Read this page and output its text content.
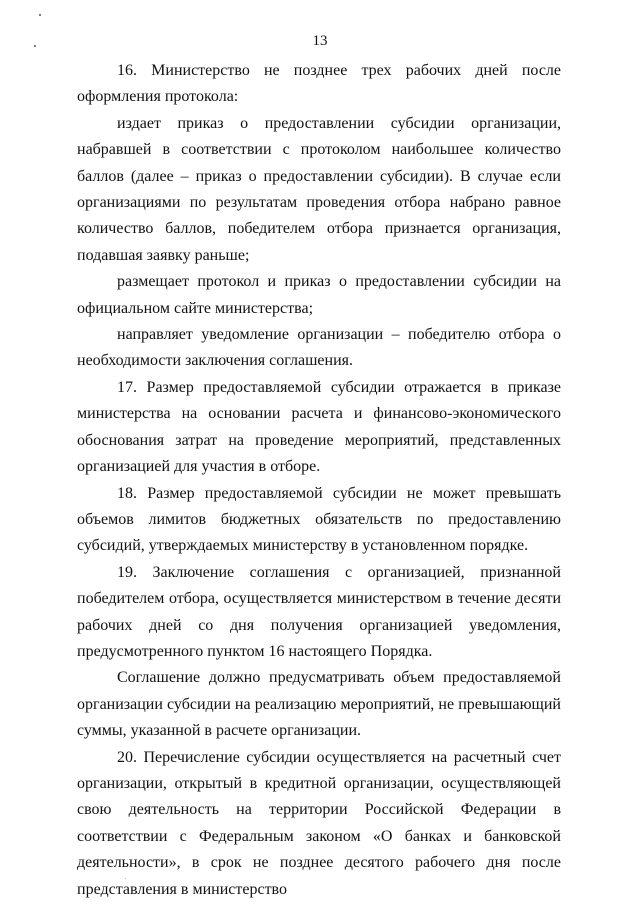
13

16. Министерство не позднее трех рабочих дней после оформления протокола:

издает приказ о предоставлении субсидии организации, набравшей в соответствии с протоколом наибольшее количество баллов (далее – приказ о предоставлении субсидии). В случае если организациями по результатам проведения отбора набрано равное количество баллов, победителем отбора признается организация, подавшая заявку раньше;

размещает протокол и приказ о предоставлении субсидии на официальном сайте министерства;

направляет уведомление организации – победителю отбора о необходимости заключения соглашения.

17. Размер предоставляемой субсидии отражается в приказе министерства на основании расчета и финансово-экономического обоснования затрат на проведение мероприятий, представленных организацией для участия в отборе.

18. Размер предоставляемой субсидии не может превышать объемов лимитов бюджетных обязательств по предоставлению субсидий, утверждаемых министерству в установленном порядке.

19. Заключение соглашения с организацией, признанной победителем отбора, осуществляется министерством в течение десяти рабочих дней со дня получения организацией уведомления, предусмотренного пунктом 16 настоящего Порядка.

Соглашение должно предусматривать объем предоставляемой организации субсидии на реализацию мероприятий, не превышающий суммы, указанной в расчете организации.

20. Перечисление субсидии осуществляется на расчетный счет организации, открытый в кредитной организации, осуществляющей свою деятельность на территории Российской Федерации в соответствии с Федеральным законом «О банках и банковской деятельности», в срок не позднее десятого рабочего дня после представления в министерство
